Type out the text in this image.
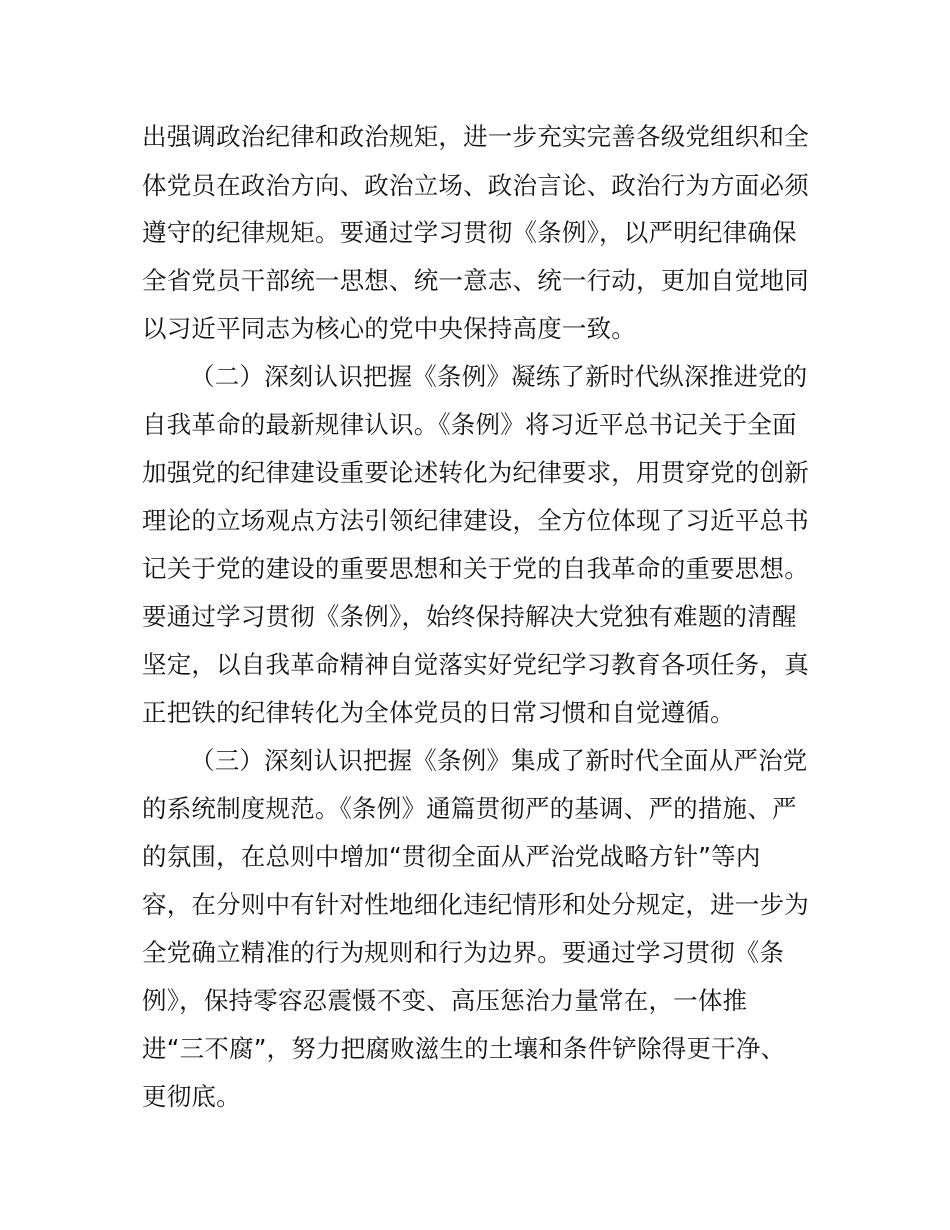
出强调政治纪律和政治规矩，进一步充实完善各级党组织和全
体党员在政治方向、政治立场、政治言论、政治行为方面必须
遵守的纪律规矩。要通过学习贯彻《条例》，以严明纪律确保
全省党员干部统一思想、统一意志、统一行动，更加自觉地同
以习近平同志为核心的党中央保持高度一致。
（二）深刻认识把握《条例》凝练了新时代纵深推进党的
自我革命的最新规律认识。《条例》将习近平总书记关于全面
加强党的纪律建设重要论述转化为纪律要求，用贯穿党的创新
理论的立场观点方法引领纪律建设，全方位体现了习近平总书
记关于党的建设的重要思想和关于党的自我革命的重要思想。
要通过学习贯彻《条例》，始终保持解决大党独有难题的清醒
坚定，以自我革命精神自觉落实好党纪学习教育各项任务，真
正把铁的纪律转化为全体党员的日常习惯和自觉遵循。
（三）深刻认识把握《条例》集成了新时代全面从严治党
的系统制度规范。《条例》通篇贯彻严的基调、严的措施、严
的氛围，在总则中增加“贯彻全面从严治党战略方针”等内
容，在分则中有针对性地细化违纪情形和处分规定，进一步为
全党确立精准的行为规则和行为边界。要通过学习贯彻《条
例》，保持零容忍震慑不变、高压惩治力量常在，一体推
进“三不腐”，努力把腐败滋生的土壤和条件铲除得更干净、
更彻底。
